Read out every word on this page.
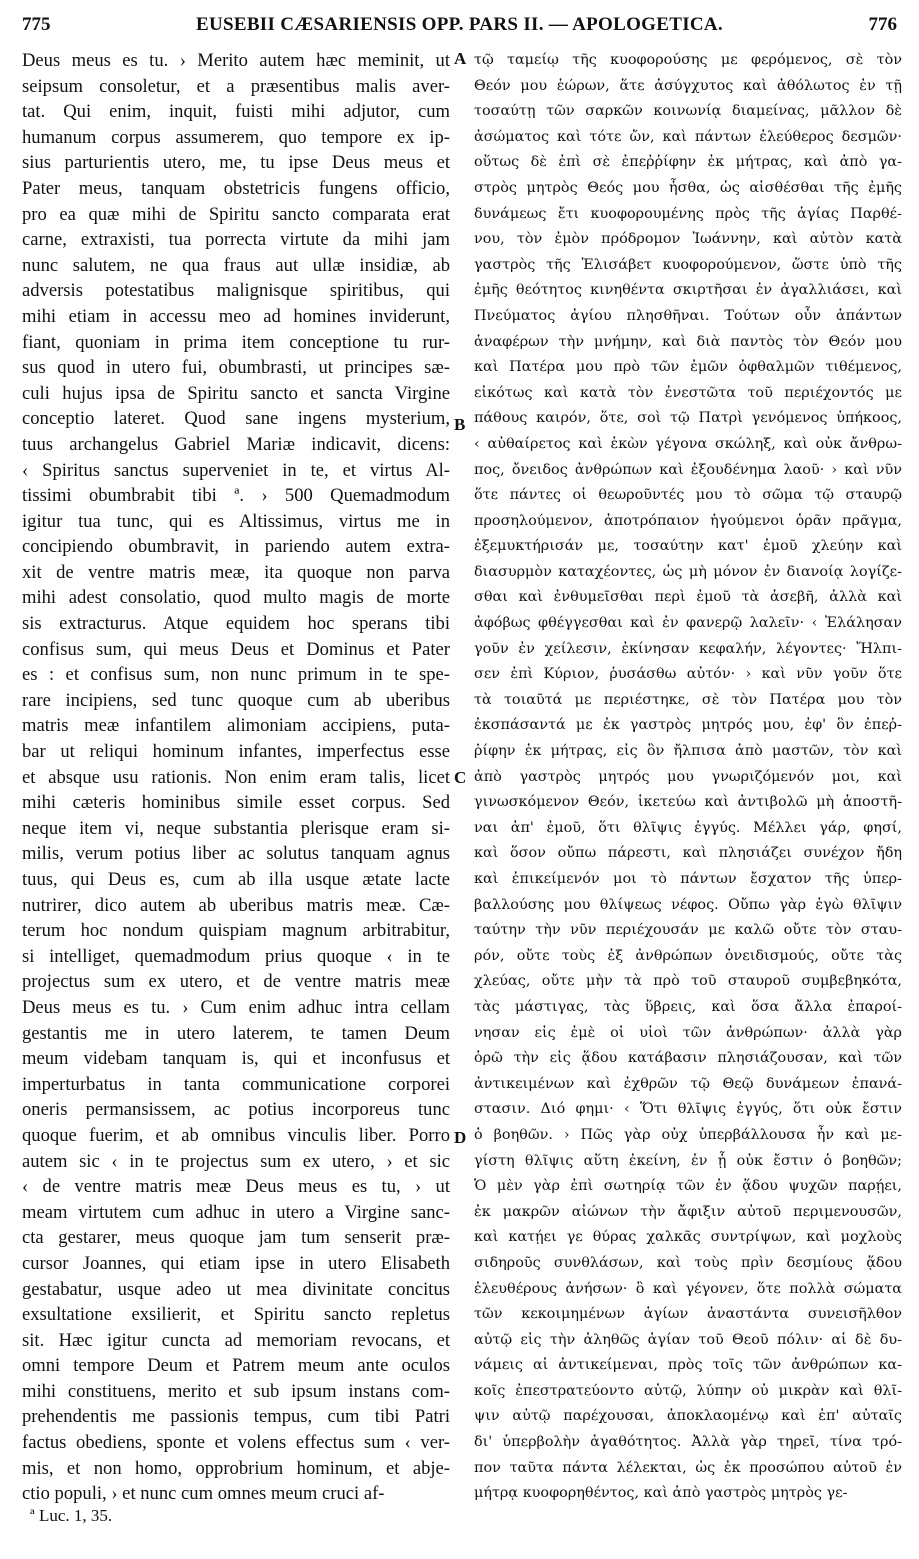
775	EUSEBII CÆSARIENSIS OPP. PARS II. — APOLOGETICA.	776
Deus meus es tu. › Merito autem hæc meminit, ut
seipsum consoletur, et a præsentibus malis aver-
tat. Qui enim, inquit, fuisti mihi adjutor, cum
humanum corpus assumerem, quo tempore ex ip-
sius parturientis utero, me, tu ipse Deus meus et
Pater meus, tanquam obstetricis fungens officio,
pro ea quæ mihi de Spiritu sancto comparata erat
carne, extraxisti, tua porrecta virtute da mihi jam
nunc salutem, ne qua fraus aut ullæ insidiæ, ab
adversis potestatibus malignisque spiritibus, qui
mihi etiam in accessu meo ad homines inviderunt,
fiant, quoniam in prima item conceptione tu rur-
sus quod in utero fui, obumbrasti, ut principes sæ-
culi hujus ipsa de Spiritu sancto et sancta Virgine
conceptio lateret. Quod sane ingens mysterium,
tuus archangelus Gabriel Mariæ indicavit, dicens:
‹ Spiritus sanctus superveniet in te, et virtus Al-
tissimi obumbrabit tibi ª. › 500 Quemadmodum
igitur tua tunc, qui es Altissimus, virtus me in
concipiendo obumbravit, in pariendo autem extra-
xit de ventre matris meæ, ita quoque non parva
mihi adest consolatio, quod multo magis de morte
sis extracturus. Atque equidem hoc sperans tibi
confisus sum, qui meus Deus et Dominus et Pater
es : et confisus sum, non nunc primum in te spe-
rare incipiens, sed tunc quoque cum ab uberibus
matris meæ infantilem alimoniam accipiens, puta-
bar ut reliqui hominum infantes, imperfectus esse
et absque usu rationis. Non enim eram talis, licet
mihi cæteris hominibus simile esset corpus. Sed
neque item vi, neque substantia plerisque eram si-
milis, verum potius liber ac solutus tanquam agnus
tuus, qui Deus es, cum ab illa usque ætate lacte
nutrirer, dico autem ab uberibus matris meæ. Cæ-
terum hoc nondum quispiam magnum arbitrabitur,
si intelliget, quemadmodum prius quoque ‹ in te
projectus sum ex utero, et de ventre matris meæ
Deus meus es tu. › Cum enim adhuc intra cellam
gestantis me in utero laterem, te tamen Deum
meum videbam tanquam is, qui et inconfusus et
imperturbatus in tanta communicatione corporei
oneris permansissem, ac potius incorporeus tunc
quoque fuerim, et ab omnibus vinculis liber. Porro
autem sic ‹ in te projectus sum ex utero, › et sic
‹ de ventre matris meæ Deus meus es tu, › ut
meam virtutem cum adhuc in utero a Virgine sanc-
cta gestarer, meus quoque jam tum senserit præ-
cursor Joannes, qui etiam ipse in utero Elisabeth
gestabatur, usque adeo ut mea divinitate concitus
exsultatione exsilierit, et Spiritu sancto repletus
sit. Hæc igitur cuncta ad memoriam revocans, et
omni tempore Deum et Patrem meum ante oculos
mihi constituens, merito et sub ipsum instans com-
prehendentis me passionis tempus, cum tibi Patri
factus obediens, sponte et volens effectus sum ‹ ver-
mis, et non homo, opprobrium hominum, et abje-
ctio populi, › et nunc cum omnes meum cruci af-
A
B
C
D
τῷ ταμείῳ τῆς κυοφορούσης με φερόμενος, σὲ τὸν
Θεόν μου ἑώρων, ἅτε ἀσύγχυτος καὶ ἀθόλωτος ἐν τῇ
τοσαύτῃ τῶν σαρκῶν κοινωνίᾳ διαμείνας, μᾶλλον δὲ
ἀσώματος καὶ τότε ὤν, καὶ πάντων ἐλεύθερος δεσμῶν·
οὕτως δὲ ἐπὶ σὲ ἐπεῤῥίφην ἐκ μήτρας, καὶ ἀπὸ γα-
στρὸς μητρὸς Θεός μου ἦσθα, ὡς αἰσθέσθαι τῆς ἐμῆς
δυνάμεως ἔτι κυοφορουμένης πρὸς τῆς ἁγίας Παρθέ-
νου, τὸν ἐμὸν πρόδρομον Ἰωάννην, καὶ αὐτὸν κατὰ
γαστρὸς τῆς Ἐλισάβετ κυοφορούμενον, ὥστε ὑπὸ τῆς
ἐμῆς θεότητος κινηθέντα σκιρτῆσαι ἐν ἀγαλλιάσει, καὶ
Πνεύματος ἁγίου πλησθῆναι. Τούτων οὖν ἁπάντων
ἀναφέρων τὴν μνήμην, καὶ διὰ παντὸς τὸν Θεόν μου
καὶ Πατέρα μου πρὸ τῶν ἐμῶν ὀφθαλμῶν τιθέμενος,
εἰκότως καὶ κατὰ τὸν ἐνεστῶτα τοῦ περιέχοντός με
πάθους καιρόν, ὅτε, σοὶ τῷ Πατρὶ γενόμενος ὑπήκοος,
‹ αὐθαίρετος καὶ ἑκὼν γέγονα σκώληξ, καὶ οὐκ ἄνθρω-
πος, ὄνειδος ἀνθρώπων καὶ ἐξουδένημα λαοῦ· › καὶ νῦν
ὅτε πάντες οἱ θεωροῦντές μου τὸ σῶμα τῷ σταυρῷ
προσηλούμενον, ἀποτρόπαιον ἡγούμενοι ὁρᾶν πρᾶγμα,
ἐξεμυκτήρισάν με, τοσαύτην κατ' ἐμοῦ χλεύην καὶ
διασυρμὸν καταχέοντες, ὡς μὴ μόνον ἐν διανοίᾳ λογίζε-
σθαι καὶ ἐνθυμεῖσθαι περὶ ἐμοῦ τὰ ἀσεβῆ, ἀλλὰ καὶ
ἀφόβως φθέγγεσθαι καὶ ἐν φανερῷ λαλεῖν· ‹ Ἐλάλησαν
γοῦν ἐν χείλεσιν, ἐκίνησαν κεφαλήν, λέγοντες· Ἤλπι-
σεν ἐπὶ Κύριον, ῥυσάσθω αὐτόν· › καὶ νῦν γοῦν ὅτε
τὰ τοιαῦτά με περιέστηκε, σὲ τὸν Πατέρα μου τὸν
ἐκσπάσαντά με ἐκ γαστρὸς μητρός μου, ἐφ' ὃν ἐπεῤ-
ῥίφην ἐκ μήτρας, εἰς ὃν ἤλπισα ἀπὸ μαστῶν, τὸν καὶ
ἀπὸ γαστρὸς μητρός μου γνωριζόμενόν μοι, καὶ
γινωσκόμενον Θεόν, ἱκετεύω καὶ ἀντιβολῶ μὴ ἀποστῆ-
ναι ἀπ' ἐμοῦ, ὅτι θλῖψις ἐγγύς. Μέλλει γάρ, φησί,
καὶ ὅσον οὔπω πάρεστι, καὶ πλησιάζει συνέχον ἤδη
καὶ ἐπικείμενόν μοι τὸ πάντων ἔσχατον τῆς ὑπερ-
βαλλούσης μου θλίψεως νέφος. Οὔπω γὰρ ἐγὼ θλῖψιν
ταύτην τὴν νῦν περιέχουσάν με καλῶ οὔτε τὸν σταυ-
ρόν, οὔτε τοὺς ἐξ ἀνθρώπων ὀνειδισμούς, οὔτε τὰς
χλεύας, οὔτε μὴν τὰ πρὸ τοῦ σταυροῦ συμβεβηκότα,
τὰς μάστιγας, τὰς ὕβρεις, καὶ ὅσα ἄλλα ἐπαροί-
νησαν εἰς ἐμὲ οἱ υἱοὶ τῶν ἀνθρώπων· ἀλλὰ γὰρ
ὁρῶ τὴν εἰς ᾅδου κατάβασιν πλησιάζουσαν, καὶ τῶν
ἀντικειμένων καὶ ἐχθρῶν τῷ Θεῷ δυνάμεων ἐπανά-
στασιν. Διό φημι· ‹ Ὅτι θλῖψις ἐγγύς, ὅτι οὐκ ἔστιν
ὁ βοηθῶν. › Πῶς γὰρ οὐχ ὑπερβάλλουσα ἦν καὶ με-
γίστη θλῖψις αὕτη ἐκείνη, ἐν ᾗ οὐκ ἔστιν ὁ βοηθῶν;
Ὁ μὲν γὰρ ἐπὶ σωτηρίᾳ τῶν ἐν ᾅδου ψυχῶν παρῄει,
ἐκ μακρῶν αἰώνων τὴν ἄφιξιν αὐτοῦ περιμενουσῶν,
καὶ κατῄει γε θύρας χαλκᾶς συντρίψων, καὶ μοχλοὺς
σιδηροῦς συνθλάσων, καὶ τοὺς πρὶν δεσμίους ᾅδου
ἐλευθέρους ἀνήσων· ὃ καὶ γέγονεν, ὅτε πολλὰ σώματα
τῶν κεκοιμημένων ἁγίων ἀναστάντα συνεισῆλθον
αὐτῷ εἰς τὴν ἀληθῶς ἁγίαν τοῦ Θεοῦ πόλιν· αἱ δὲ δυ-
νάμεις αἱ ἀντικείμεναι, πρὸς τοῖς τῶν ἀνθρώπων κα-
κοῖς ἐπεστρατεύοντο αὐτῷ, λύπην οὐ μικρὰν καὶ θλῖ-
ψιν αὐτῷ παρέχουσαι, ἀποκλαομένῳ καὶ ἐπ' αὐταῖς
δι' ὑπερβολὴν ἀγαθότητος. Ἀλλὰ γὰρ τηρεῖ, τίνα τρό-
πον ταῦτα πάντα λέλεκται, ὡς ἐκ προσώπου αὐτοῦ ἐν
μήτρᾳ κυοφορηθέντος, καὶ ἀπὸ γαστρὸς μητρὸς γε-
ª Luc. 1, 35.
